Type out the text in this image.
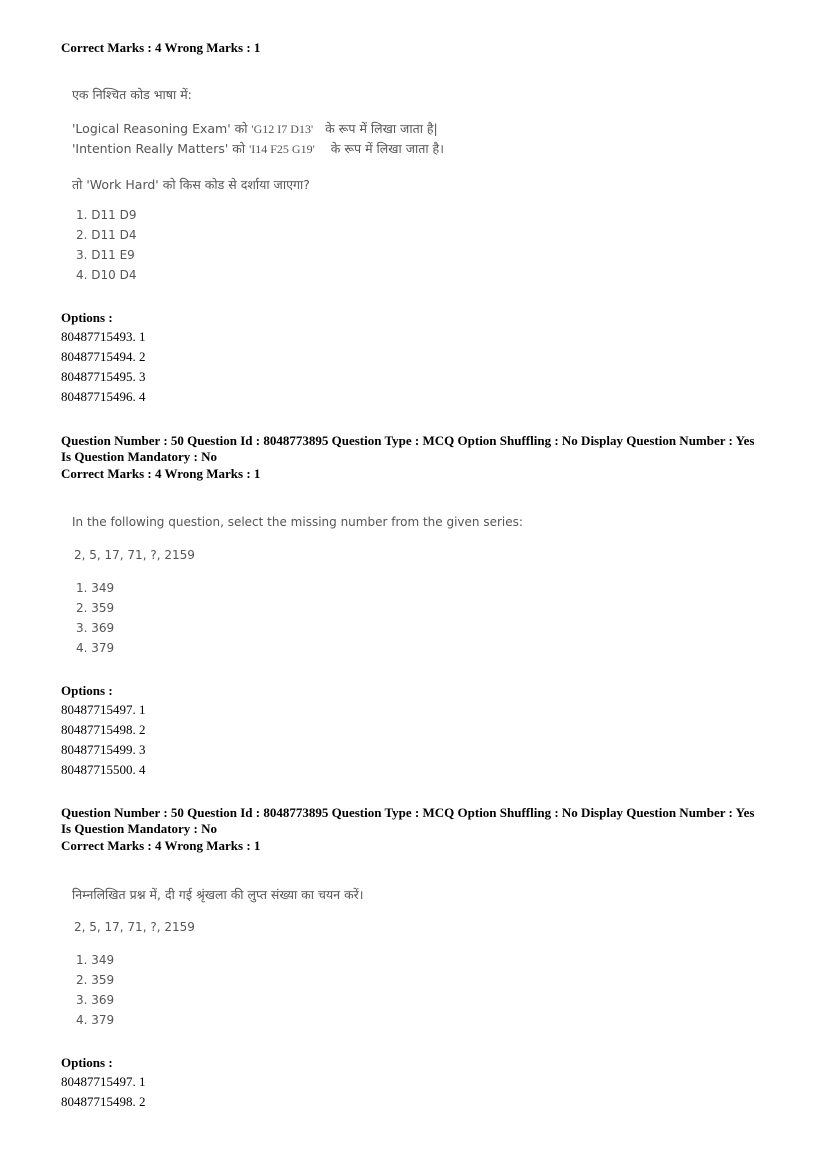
Correct Marks : 4 Wrong Marks : 1
एक निश्चित कोड भाषा में:
'Logical Reasoning Exam' को 'G12 I7 D13' के रूप में लिखा जाता है|
'Intention Really Matters' को 'I14 F25 G19' के रूप में लिखा जाता है।
तो 'Work Hard' को किस कोड से दर्शाया जाएगा?
1. D11 D9
2. D11 D4
3. D11 E9
4. D10 D4
Options :
80487715493. 1
80487715494. 2
80487715495. 3
80487715496. 4
Question Number : 50 Question Id : 8048773895 Question Type : MCQ Option Shuffling : No Display Question Number : Yes
Is Question Mandatory : No
Correct Marks : 4 Wrong Marks : 1
In the following question, select the missing number from the given series:
2, 5, 17, 71, ?, 2159
1. 349
2. 359
3. 369
4. 379
Options :
80487715497. 1
80487715498. 2
80487715499. 3
80487715500. 4
Question Number : 50 Question Id : 8048773895 Question Type : MCQ Option Shuffling : No Display Question Number : Yes
Is Question Mandatory : No
Correct Marks : 4 Wrong Marks : 1
निम्नलिखित प्रश्न में, दी गई श्रृंखला की लुप्त संख्या का चयन करें।
2, 5, 17, 71, ?, 2159
1. 349
2. 359
3. 369
4. 379
Options :
80487715497. 1
80487715498. 2
